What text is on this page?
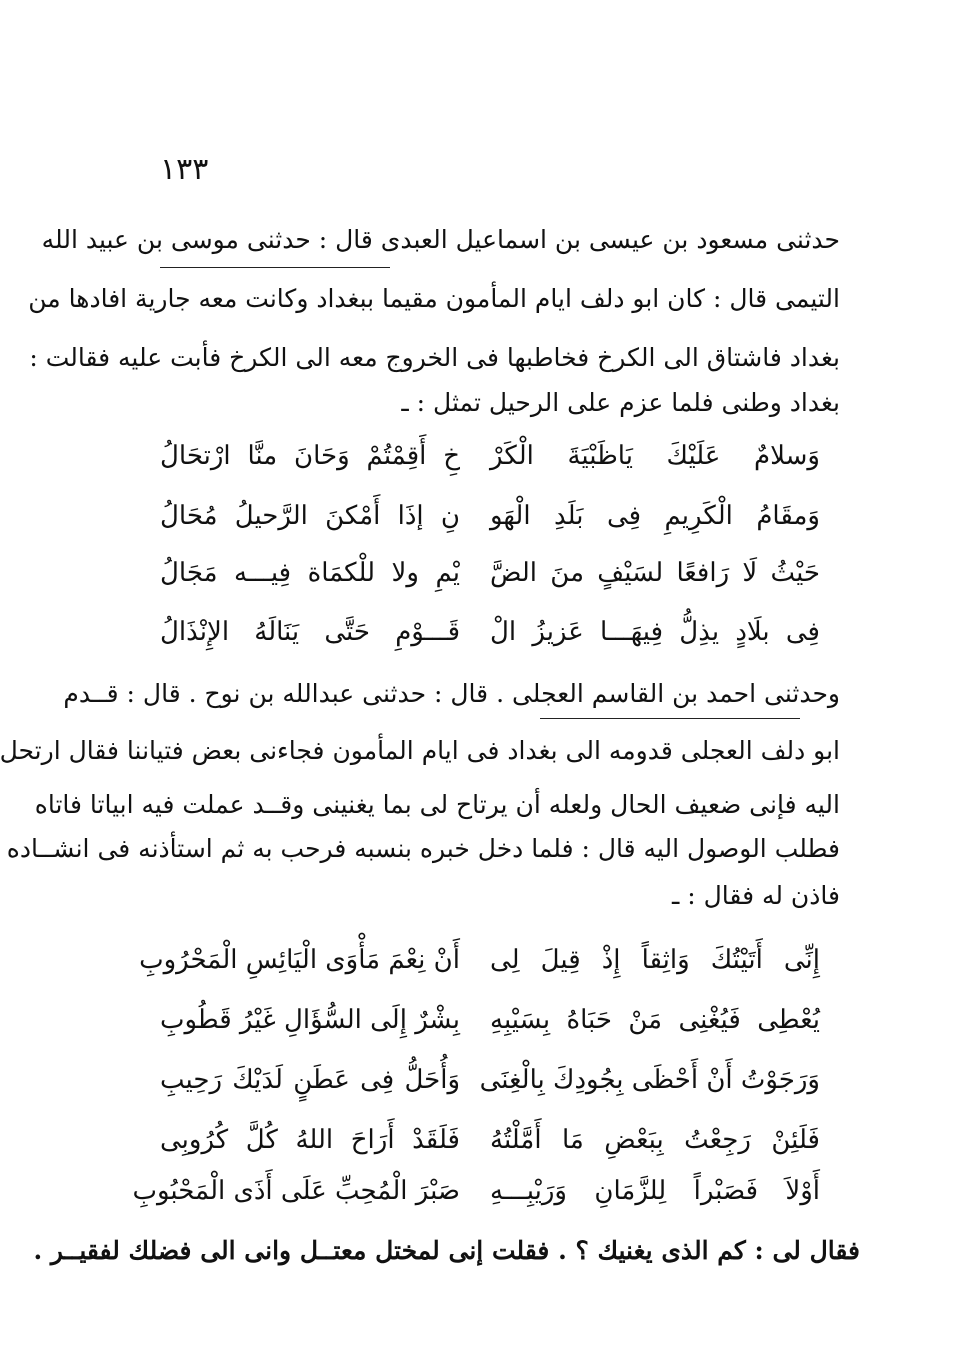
١٣٣
حدثنى مسعود بن عيسى بن اسماعيل العبدى قال : حدثنى موسى بن عبيد الله
التيمى قال : كان ابو دلف ايام المأمون مقيما ببغداد وكانت معه جارية افادها من
بغداد فاشتاق الى الكرخ فخاطبها فى الخروج معه الى الكرخ فأبت عليه فقالت :
بغداد وطنى فلما عزم على الرحيل تمثل : ـ
وَسلامٌ عَلَيْكَ يَاظَبْيَةَ الْكَرْ
خِ أَقِمْتُمْ وَحَانَ منَّا ارْتحَالُ
وَمقَامُ الْكَرِيمِ فِى بَلَدِ الْهَو
نِ إذَا أَمْكنَ الرَّحيلُ مُحَالُ
حَيْثُ لَا رَافعًا لسَيْفٍ منَ الضَّ
يْمِ ولا للْكمَاة فِيـــه مَجَالُ
فِى بلَادٍ يذِلُّ فِيهَـــا عَزيزُ الْ
قَـــوْمِ حَتَّى يَنَالَهُ الإِنْذَالُ
وحدثنى احمد بن القاسم العجلى . قال : حدثنى عبدالله بن نوح . قال : قــدم
ابو دلف العجلى قدومه الى بغداد فى ايام المأمون فجاءنى بعض فتياننا فقال ارتحل
اليه فإنى ضعيف الحال ولعله أن يرتاح لى بما يغنينى وقــد عملت فيه ابياتا فاتاه
فطلب الوصول اليه قال : فلما دخل خبره بنسبه فرحب به ثم استأذنه فى انشــاده
فاذن له فقال : ـ
إِنِّى أَتَيْتُكَ وَاثِقاً إِذْ قِيلَ لِى
أَنْ نِعْمَ مَأْوَى الْيَائِسِ الْمَحْرُوبِ
يُعْطِى فَيُغْنِى مَنْ حَبَاهُ بِسَيْبِهِ
بِشْرٌ إِلَى السُّؤَالِ غَيْرُ قَطُوبِ
وَرَجَوْتُ أَنْ أَحْظَى بِجُودِكَ بِالْغِنَى
وَأُحَلُّ فِى عَطَنٍ لَدَيْكَ رَحِيبِ
فَلَئِنْ رَجِعْتُ بِبَعْضِ مَا أَمَّلْتُهُ
فَلَقَدْ أَرَاحَ اللهُ كُلَّ كُرُوبِى
أَوْلاَ فَصَبْراً لِلزَّمَانِ وَرَيْبِـــهِ
صَبْرَ الْمُحِبِّ عَلَى أَذَى الْمَحْبُوبِ
فقال لى : كم الذى يغنيك ؟ . فقلت إنى لمختل معتــل وانى الى فضلك لفقيــر .
